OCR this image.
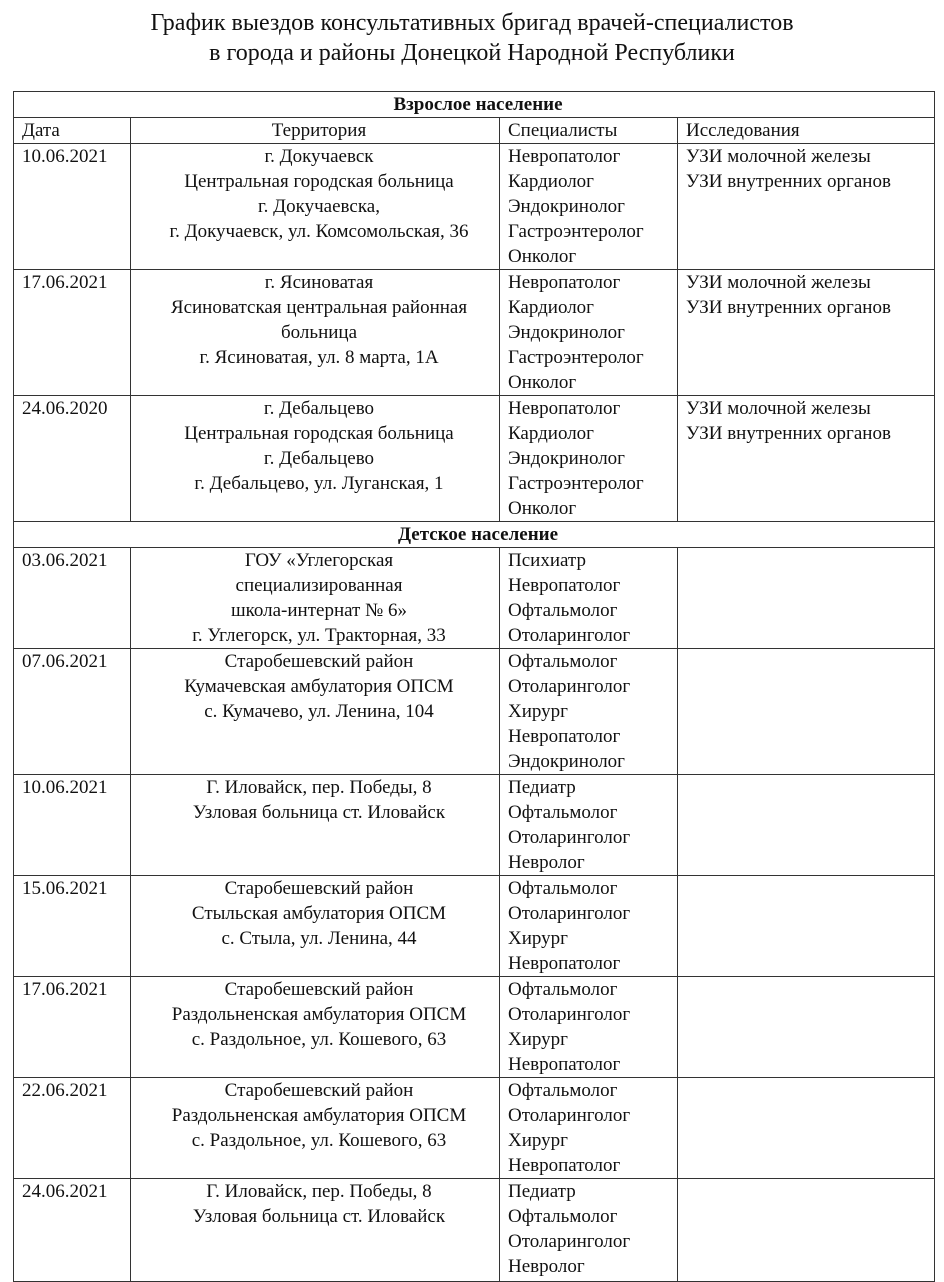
График выездов консультативных бригад врачей-специалистов
в города и районы Донецкой Народной Республики
Взрослое население			
Дата	Территория	Специалисты	Исследования
10.06.2021	г. Докучаевск
Центральная городская больница
г. Докучаевска,
г. Докучаевск, ул. Комсомольская, 36	Невропатолог
Кардиолог
Эндокринолог
Гастроэнтеролог
Онколог	УЗИ молочной железы
УЗИ внутренних органов

17.06.2021	г. Ясиноватая
Ясиноватская центральная районная
больница
г. Ясиноватая, ул. 8 марта, 1А	Невропатолог
Кардиолог
Эндокринолог
Гастроэнтеролог
Онколог	УЗИ молочной железы
УЗИ внутренних органов

24.06.2020	г. Дебальцево
Центральная городская больница
г. Дебальцево
г. Дебальцево, ул. Луганская, 1	Невропатолог
Кардиолог
Эндокринолог
Гастроэнтеролог
Онколог	УЗИ молочной железы
УЗИ внутренних органов

Детское население			
03.06.2021	ГОУ «Углегорская
специализированная
школа-интернат № 6»
г. Углегорск, ул. Тракторная, 33	Психиатр
Невропатолог
Офтальмолог
Отоларинголог	

07.06.2021	Старобешевский район
Кумачевская амбулатория ОПСМ
с. Кумачево, ул. Ленина, 104	Офтальмолог
Отоларинголог
Хирург
Невропатолог
Эндокринолог	

10.06.2021	Г. Иловайск, пер. Победы, 8
Узловая больница ст. Иловайск	Педиатр
Офтальмолог
Отоларинголог
Невролог	

15.06.2021	Старобешевский район
Стыльская амбулатория ОПСМ
с. Стыла, ул. Ленина, 44	Офтальмолог
Отоларинголог
Хирург
Невропатолог	

17.06.2021	Старобешевский район
Раздольненская амбулатория ОПСМ
с. Раздольное, ул. Кошевого, 63	Офтальмолог
Отоларинголог
Хирург
Невропатолог	

22.06.2021	Старобешевский район
Раздольненская амбулатория ОПСМ
с. Раздольное, ул. Кошевого, 63	Офтальмолог
Отоларинголог
Хирург
Невропатолог	

24.06.2021	Г. Иловайск, пер. Победы, 8
Узловая больница ст. Иловайск	Педиатр
Офтальмолог
Отоларинголог
Невролог	
